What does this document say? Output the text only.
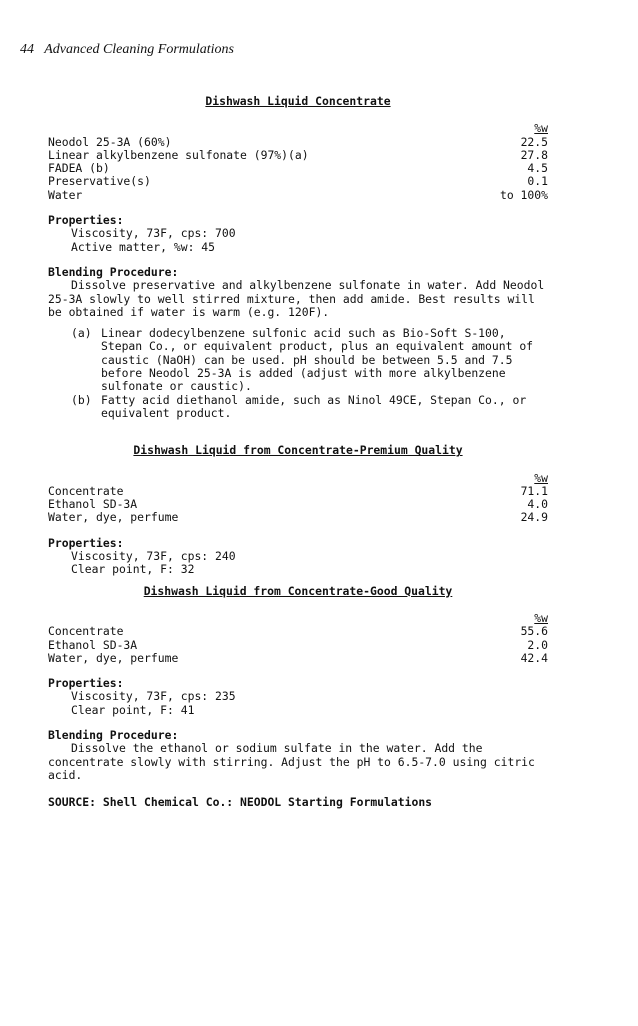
44   Advanced Cleaning Formulations
Dishwash Liquid Concentrate
%w
Neodol 25-3A (60%)	22.5
Linear alkylbenzene sulfonate (97%)(a)	27.8
FADEA (b)	4.5
Preservative(s)	0.1
Water	to 100%
Properties:
Viscosity, 73F, cps: 700
Active matter, %w: 45
Blending Procedure:
Dissolve preservative and alkylbenzene sulfonate in water. Add Neodol 25-3A slowly to well stirred mixture, then add amide. Best results will be obtained if water is warm (e.g. 120F).
(a) Linear dodecylbenzene sulfonic acid such as Bio-Soft S-100, Stepan Co., or equivalent product, plus an equivalent amount of caustic (NaOH) can be used. pH should be between 5.5 and 7.5 before Neodol 25-3A is added (adjust with more alkylbenzene sulfonate or caustic).
(b) Fatty acid diethanol amide, such as Ninol 49CE, Stepan Co., or equivalent product.
Dishwash Liquid from Concentrate-Premium Quality
%w
Concentrate	71.1
Ethanol SD-3A	4.0
Water, dye, perfume	24.9
Properties:
Viscosity, 73F, cps: 240
Clear point, F: 32
Dishwash Liquid from Concentrate-Good Quality
%w
Concentrate	55.6
Ethanol SD-3A	2.0
Water, dye, perfume	42.4
Properties:
Viscosity, 73F, cps: 235
Clear point, F: 41
Blending Procedure:
Dissolve the ethanol or sodium sulfate in the water. Add the concentrate slowly with stirring. Adjust the pH to 6.5-7.0 using citric acid.
SOURCE: Shell Chemical Co.: NEODOL Starting Formulations
